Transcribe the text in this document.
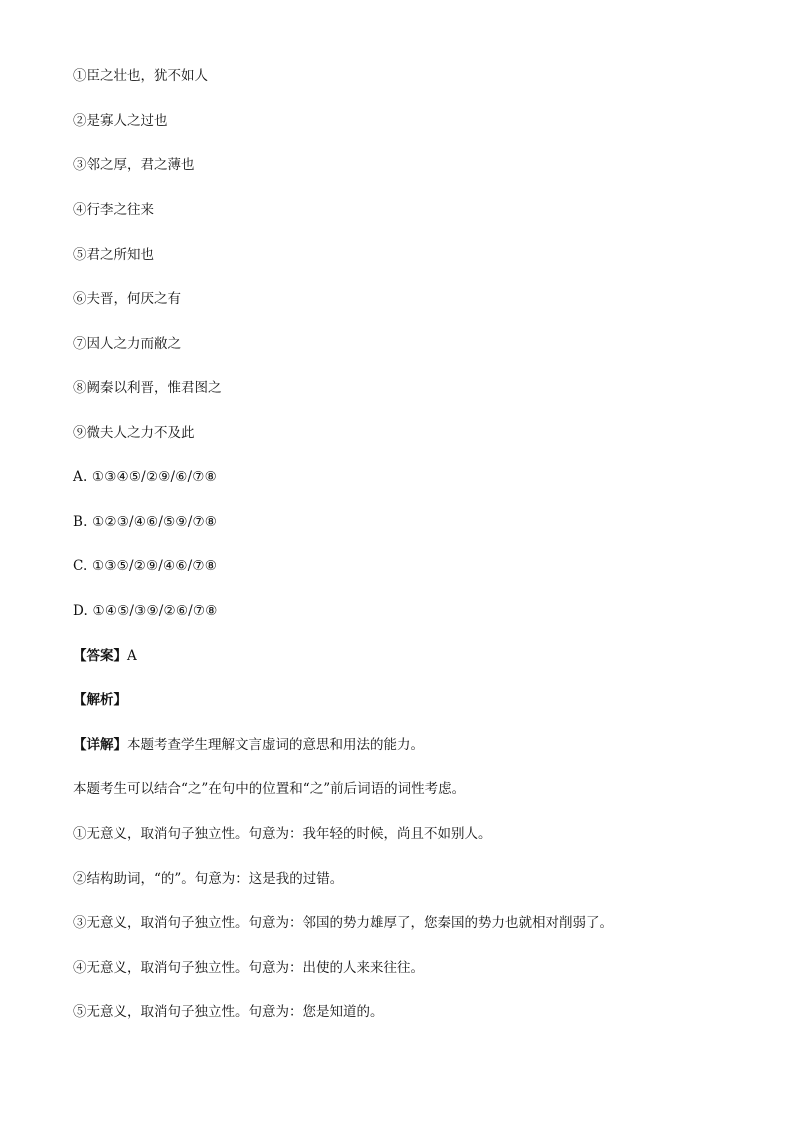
①臣之壮也，犹不如人
②是寡人之过也
③邻之厚，君之薄也
④行李之往来
⑤君之所知也
⑥夫晋，何厌之有
⑦因人之力而敝之
⑧阙秦以利晋，惟君图之
⑨微夫人之力不及此
A. ①③④⑤/②⑨/⑥/⑦⑧
B. ①②③/④⑥/⑤⑨/⑦⑧
C. ①③⑤/②⑨/④⑥/⑦⑧
D. ①④⑤/③⑨/②⑥/⑦⑧
【答案】A
【解析】
【详解】本题考查学生理解文言虚词的意思和用法的能力。
本题考生可以结合“之”在句中的位置和“之”前后词语的词性考虑。
①无意义，取消句子独立性。句意为：我年轻的时候，尚且不如别人。
②结构助词，“的”。句意为：这是我的过错。
③无意义，取消句子独立性。句意为：邻国的势力雄厚了，您秦国的势力也就相对削弱了。
④无意义，取消句子独立性。句意为：出使的人来来往往。
⑤无意义，取消句子独立性。句意为：您是知道的。
